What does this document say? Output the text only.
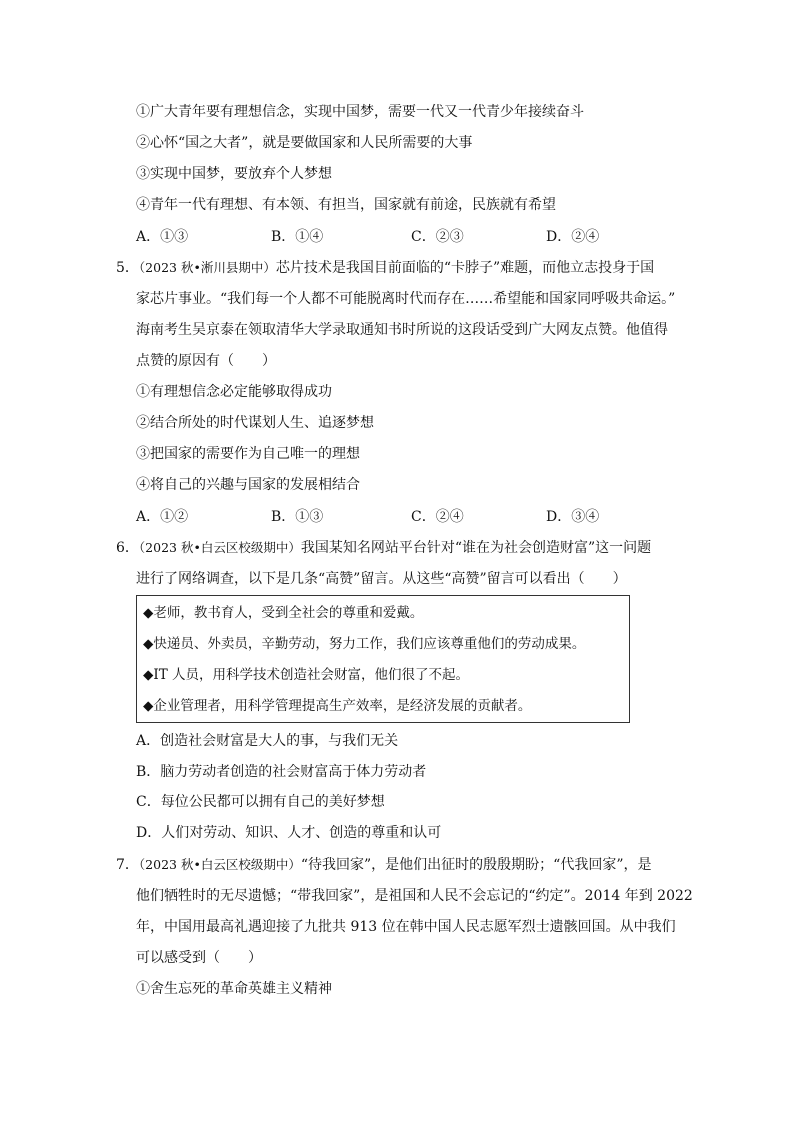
①广大青年要有理想信念，实现中国梦，需要一代又一代青少年接续奋斗
②心怀“国之大者”，就是要做国家和人民所需要的大事
③实现中国梦，要放弃个人梦想
④青年一代有理想、有本领、有担当，国家就有前途，民族就有希望
A．①③	B．①④	C．②③	D．②④
5．（2023 秋•淅川县期中）芯片技术是我国目前面临的“卡脖子”难题，而他立志投身于国
家芯片事业。“我们每一个人都不可能脱离时代而存在……希望能和国家同呼吸共命运。”
海南考生吴京泰在领取清华大学录取通知书时所说的这段话受到广大网友点赞。他值得
点赞的原因有（　　）
①有理想信念必定能够取得成功
②结合所处的时代谋划人生、追逐梦想
③把国家的需要作为自己唯一的理想
④将自己的兴趣与国家的发展相结合
A．①②	B．①③	C．②④	D．③④
6．（2023 秋•白云区校级期中）我国某知名网站平台针对“谁在为社会创造财富”这一问题
进行了网络调查，以下是几条“高赞”留言。从这些“高赞”留言可以看出（　　）
◆老师，教书育人，受到全社会的尊重和爱戴。
◆快递员、外卖员，辛勤劳动，努力工作，我们应该尊重他们的劳动成果。
◆IT 人员，用科学技术创造社会财富，他们很了不起。
◆企业管理者，用科学管理提高生产效率，是经济发展的贡献者。
A．创造社会财富是大人的事，与我们无关
B．脑力劳动者创造的社会财富高于体力劳动者
C．每位公民都可以拥有自己的美好梦想
D．人们对劳动、知识、人才、创造的尊重和认可
7．（2023 秋•白云区校级期中）“待我回家”，是他们出征时的殷殷期盼；“代我回家”，是
他们牺牲时的无尽遗憾；“带我回家”，是祖国和人民不会忘记的“约定”。2014 年到 2022
年，中国用最高礼遇迎接了九批共 913 位在韩中国人民志愿军烈士遗骸回国。从中我们
可以感受到（　　）
①舍生忘死的革命英雄主义精神
